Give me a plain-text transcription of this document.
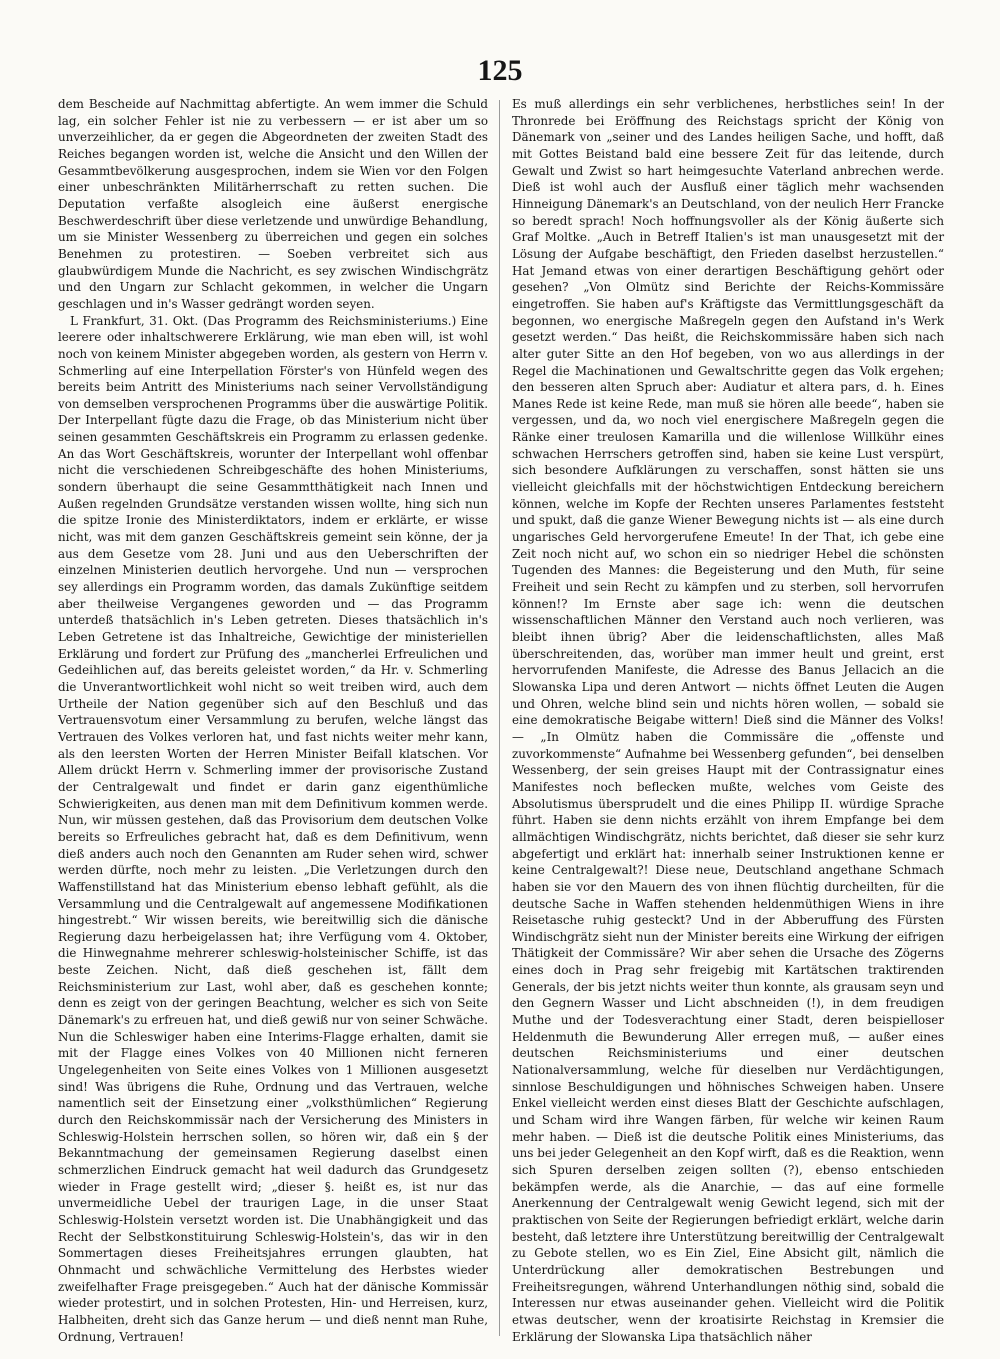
125

dem Bescheide auf Nachmittag abfertigte. An wem immer die Schuld lag, ein solcher Fehler ist nie zu verbessern — er ist aber um so unverzeihlicher, da er gegen die Abgeordneten der zweiten Stadt des Reiches begangen worden ist, welche die Ansicht und den Willen der Gesammtbevölkerung ausgesprochen, indem sie Wien vor den Folgen einer unbeschränkten Militärherrschaft zu retten suchen. Die Deputation verfaßte alsogleich eine äußerst energische Beschwerdeschrift über diese verletzende und unwürdige Behandlung, um sie Minister Wessenberg zu überreichen und gegen ein solches Benehmen zu protestiren. — Soeben verbreitet sich aus glaubwürdigem Munde die Nachricht, es sey zwischen Windischgrätz und den Ungarn zur Schlacht gekommen, in welcher die Ungarn geschlagen und in's Wasser gedrängt worden seyen.

L Frankfurt, 31. Okt. (Das Programm des Reichsministeriums.) Eine leerere oder inhaltschwerere Erklärung, wie man eben will, ist wohl noch von keinem Minister abgegeben worden, als gestern von Herrn v. Schmerling auf eine Interpellation Förster's von Hünfeld wegen des bereits beim Antritt des Ministeriums nach seiner Vervollständigung von demselben versprochenen Programms über die auswärtige Politik. Der Interpellant fügte dazu die Frage, ob das Ministerium nicht über seinen gesammten Geschäftskreis ein Programm zu erlassen gedenke. An das Wort Geschäftskreis, worunter der Interpellant wohl offenbar nicht die verschiedenen Schreibgeschäfte des hohen Ministeriums, sondern überhaupt die seine Gesammtthätigkeit nach Innen und Außen regelnden Grundsätze verstanden wissen wollte, hing sich nun die spitze Ironie des Ministerdiktators, indem er erklärte, er wisse nicht, was mit dem ganzen Geschäftskreis gemeint sein könne, der ja aus dem Gesetze vom 28. Juni und aus den Ueberschriften der einzelnen Ministerien deutlich hervorgehe. Und nun — versprochen sey allerdings ein Programm worden, das damals Zukünftige seitdem aber theilweise Vergangenes geworden und — das Programm unterdeß thatsächlich in's Leben getreten. Dieses thatsächlich in's Leben Getretene ist das Inhaltreiche, Gewichtige der ministeriellen Erklärung und fordert zur Prüfung des „mancherlei Erfreulichen und Gedeihlichen auf, das bereits geleistet worden,“ da Hr. v. Schmerling die Unverantwortlichkeit wohl nicht so weit treiben wird, auch dem Urtheile der Nation gegenüber sich auf den Beschluß und das Vertrauensvotum einer Versammlung zu berufen, welche längst das Vertrauen des Volkes verloren hat, und fast nichts weiter mehr kann, als den leersten Worten der Herren Minister Beifall klatschen. Vor Allem drückt Herrn v. Schmerling immer der provisorische Zustand der Centralgewalt und findet er darin ganz eigenthümliche Schwierigkeiten, aus denen man mit dem Definitivum kommen werde. Nun, wir müssen gestehen, daß das Provisorium dem deutschen Volke bereits so Erfreuliches gebracht hat, daß es dem Definitivum, wenn dieß anders auch noch den Genannten am Ruder sehen wird, schwer werden dürfte, noch mehr zu leisten. „Die Verletzungen durch den Waffenstillstand hat das Ministerium ebenso lebhaft gefühlt, als die Versammlung und die Centralgewalt auf angemessene Modifikationen hingestrebt.“ Wir wissen bereits, wie bereitwillig sich die dänische Regierung dazu herbeigelassen hat; ihre Verfügung vom 4. Oktober, die Hinwegnahme mehrerer schleswig-holsteinischer Schiffe, ist das beste Zeichen. Nicht, daß dieß geschehen ist, fällt dem Reichsministerium zur Last, wohl aber, daß es geschehen konnte; denn es zeigt von der geringen Beachtung, welcher es sich von Seite Dänemark's zu erfreuen hat, und dieß gewiß nur von seiner Schwäche. Nun die Schleswiger haben eine Interims-Flagge erhalten, damit sie mit der Flagge eines Volkes von 40 Millionen nicht ferneren Ungelegenheiten von Seite eines Volkes von 1 Millionen ausgesetzt sind! Was übrigens die Ruhe, Ordnung und das Vertrauen, welche namentlich seit der Einsetzung einer „volksthümlichen“ Regierung durch den Reichskommissär nach der Versicherung des Ministers in Schleswig-Holstein herrschen sollen, so hören wir, daß ein § der Bekanntmachung der gemeinsamen Regierung daselbst einen schmerzlichen Eindruck gemacht hat weil dadurch das Grundgesetz wieder in Frage gestellt wird; „dieser §. heißt es, ist nur das unvermeidliche Uebel der traurigen Lage, in die unser Staat Schleswig-Holstein versetzt worden ist. Die Unabhängigkeit und das Recht der Selbstkonstituirung Schleswig-Holstein's, das wir in den Sommertagen dieses Freiheitsjahres errungen glaubten, hat Ohnmacht und schwächliche Vermittelung des Herbstes wieder zweifelhafter Frage preisgegeben.“ Auch hat der dänische Kommissär wieder protestirt, und in solchen Protesten, Hin- und Herreisen, kurz, Halbheiten, dreht sich das Ganze herum — und dieß nennt man Ruhe, Ordnung, Vertrauen!

Es muß allerdings ein sehr verblichenes, herbstliches sein! In der Thronrede bei Eröffnung des Reichstags spricht der König von Dänemark von „seiner und des Landes heiligen Sache, und hofft, daß mit Gottes Beistand bald eine bessere Zeit für das leitende, durch Gewalt und Zwist so hart heimgesuchte Vaterland anbrechen werde. Dieß ist wohl auch der Ausfluß einer täglich mehr wachsenden Hinneigung Dänemark's an Deutschland, von der neulich Herr Francke so beredt sprach! Noch hoffnungsvoller als der König äußerte sich Graf Moltke. „Auch in Betreff Italien's ist man unausgesetzt mit der Lösung der Aufgabe beschäftigt, den Frieden daselbst herzustellen.“ Hat Jemand etwas von einer derartigen Beschäftigung gehört oder gesehen? „Von Olmütz sind Berichte der Reichs-Kommissäre eingetroffen. Sie haben auf's Kräftigste das Vermittlungsgeschäft da begonnen, wo energische Maßregeln gegen den Aufstand in's Werk gesetzt werden.“ Das heißt, die Reichskommissäre haben sich nach alter guter Sitte an den Hof begeben, von wo aus allerdings in der Regel die Machinationen und Gewaltschritte gegen das Volk ergehen; den besseren alten Spruch aber: Audiatur et altera pars, d. h. Eines Manes Rede ist keine Rede, man muß sie hören alle beede“, haben sie vergessen, und da, wo noch viel energischere Maßregeln gegen die Ränke einer treulosen Kamarilla und die willenlose Willkühr eines schwachen Herrschers getroffen sind, haben sie keine Lust verspürt, sich besondere Aufklärungen zu verschaffen, sonst hätten sie uns vielleicht gleichfalls mit der höchstwichtigen Entdeckung bereichern können, welche im Kopfe der Rechten unseres Parlamentes feststeht und spukt, daß die ganze Wiener Bewegung nichts ist — als eine durch ungarisches Geld hervorgerufene Emeute! In der That, ich gebe eine Zeit noch nicht auf, wo schon ein so niedriger Hebel die schönsten Tugenden des Mannes: die Begeisterung und den Muth, für seine Freiheit und sein Recht zu kämpfen und zu sterben, soll hervorrufen können!? Im Ernste aber sage ich: wenn die deutschen wissenschaftlichen Männer den Verstand auch noch verlieren, was bleibt ihnen übrig? Aber die leidenschaftlichsten, alles Maß überschreitenden, das, worüber man immer heult und greint, erst hervorrufenden Manifeste, die Adresse des Banus Jellacich an die Slowanska Lipa und deren Antwort — nichts öffnet Leuten die Augen und Ohren, welche blind sein und nichts hören wollen, — sobald sie eine demokratische Beigabe wittern! Dieß sind die Männer des Volks! — „In Olmütz haben die Commissäre die „offenste und zuvorkommenste“ Aufnahme bei Wessenberg gefunden“, bei denselben Wessenberg, der sein greises Haupt mit der Contrassignatur eines Manifestes noch beflecken mußte, welches vom Geiste des Absolutismus übersprudelt und die eines Philipp II. würdige Sprache führt. Haben sie denn nichts erzählt von ihrem Empfange bei dem allmächtigen Windischgrätz, nichts berichtet, daß dieser sie sehr kurz abgefertigt und erklärt hat: innerhalb seiner Instruktionen kenne er keine Centralgewalt?! Diese neue, Deutschland angethane Schmach haben sie vor den Mauern des von ihnen flüchtig durcheilten, für die deutsche Sache in Waffen stehenden heldenmüthigen Wiens in ihre Reisetasche ruhig gesteckt? Und in der Abberuffung des Fürsten Windischgrätz sieht nun der Minister bereits eine Wirkung der eifrigen Thätigkeit der Commissäre? Wir aber sehen die Ursache des Zögerns eines doch in Prag sehr freigebig mit Kartätschen traktirenden Generals, der bis jetzt nichts weiter thun konnte, als grausam seyn und den Gegnern Wasser und Licht abschneiden (!), in dem freudigen Muthe und der Todesverachtung einer Stadt, deren beispielloser Heldenmuth die Bewunderung Aller erregen muß, — außer eines deutschen Reichsministeriums und einer deutschen Nationalversammlung, welche für dieselben nur Verdächtigungen, sinnlose Beschuldigungen und höhnisches Schweigen haben. Unsere Enkel vielleicht werden einst dieses Blatt der Geschichte aufschlagen, und Scham wird ihre Wangen färben, für welche wir keinen Raum mehr haben. — Dieß ist die deutsche Politik eines Ministeriums, das uns bei jeder Gelegenheit an den Kopf wirft, daß es die Reaktion, wenn sich Spuren derselben zeigen sollten (?), ebenso entschieden bekämpfen werde, als die Anarchie, — das auf eine formelle Anerkennung der Centralgewalt wenig Gewicht legend, sich mit der praktischen von Seite der Regierungen befriedigt erklärt, welche darin besteht, daß letztere ihre Unterstützung bereitwillig der Centralgewalt zu Gebote stellen, wo es Ein Ziel, Eine Absicht gilt, nämlich die Unterdrückung aller demokratischen Bestrebungen und Freiheitsregungen, während Unterhandlungen nöthig sind, sobald die Interessen nur etwas auseinander gehen. Vielleicht wird die Politik etwas deutscher, wenn der kroatisirte Reichstag in Kremsier die Erklärung der Slowanska Lipa thatsächlich näher
